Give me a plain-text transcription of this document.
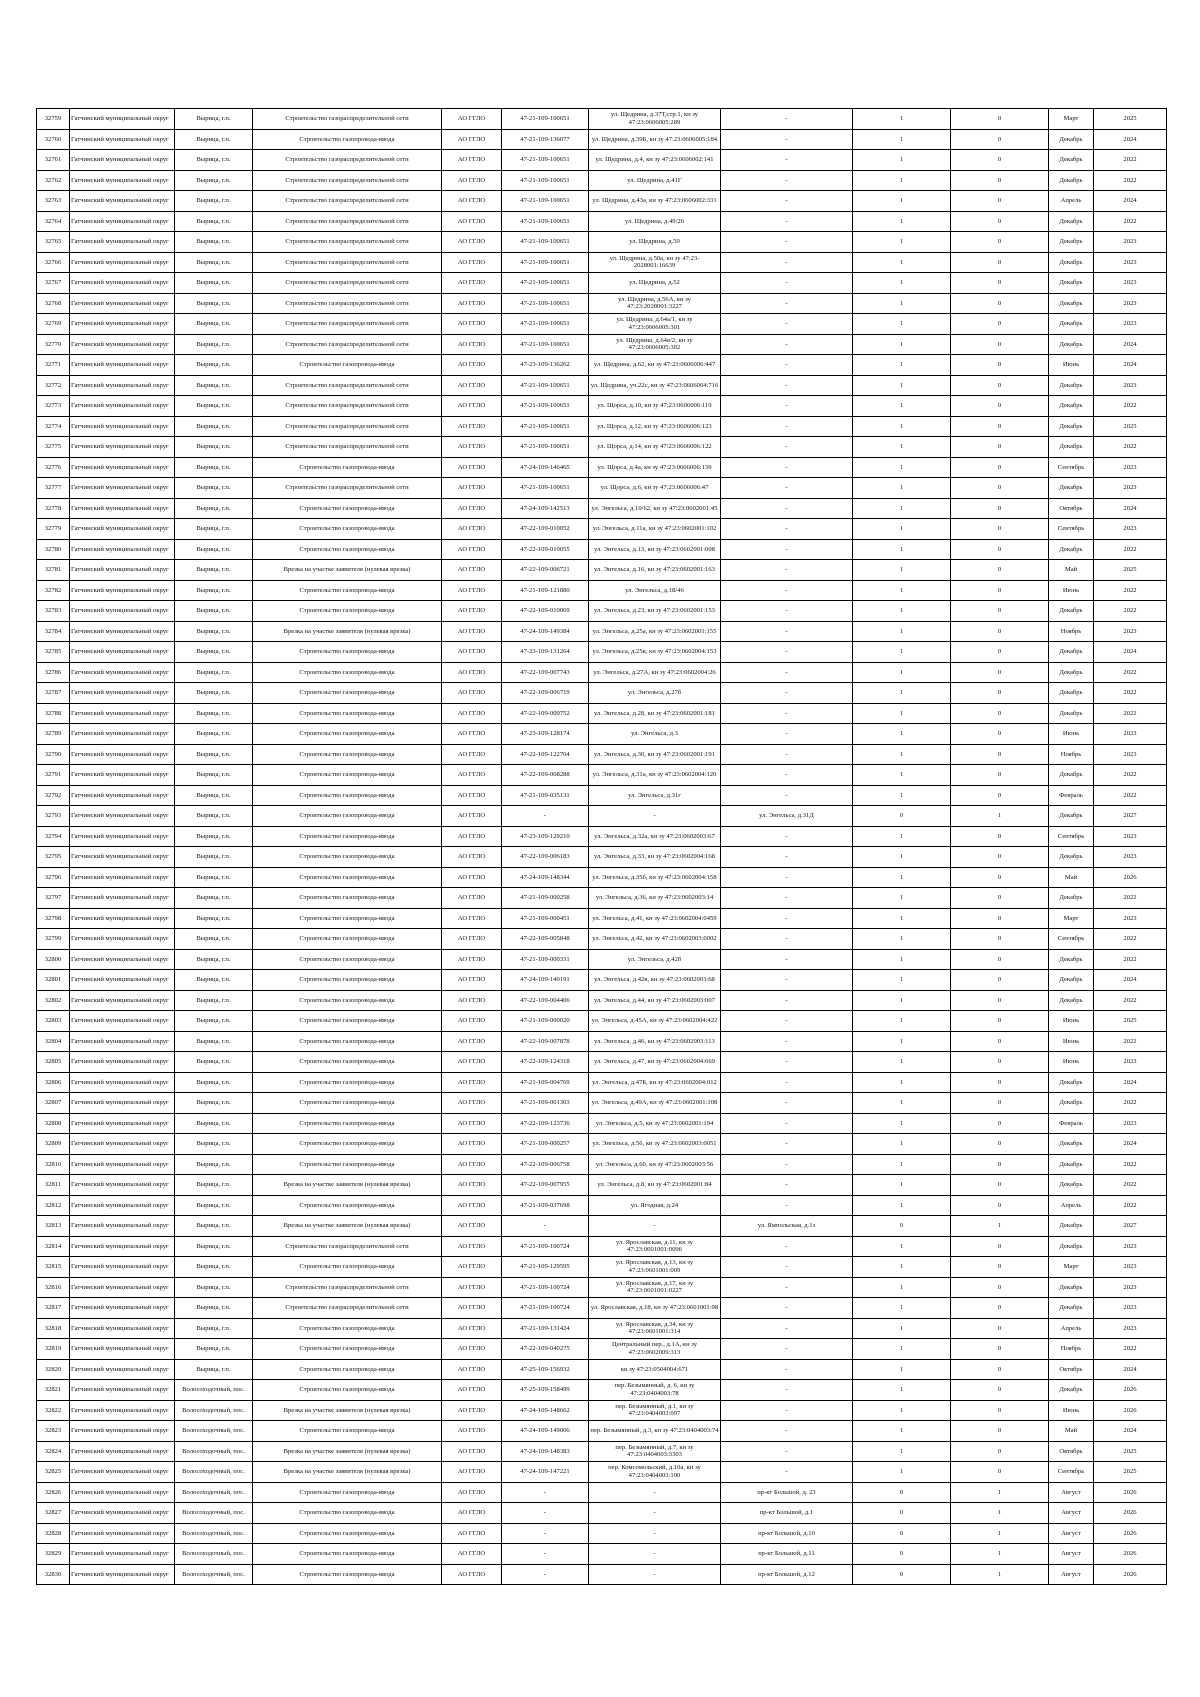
32759	Гатчинский муниципальный округ	Вырица, г.п.	Строительство газораспределительной сети	АО ГГЛО	47-21-109-100651	ул. Щедрина, д.37Т,стр.1, кн зу 47:23:0606005:289	-	1	0	Март	2025
32760	Гатчинский муниципальный округ	Вырица, г.п.	Строительство газопровода-ввода	АО ГГЛО	47-21-109-136077	ул. Щедрина, д.39Б, кн зу 47:23:0606005:184	-	1	0	Декабрь	2024
32761	Гатчинский муниципальный округ	Вырица, г.п.	Строительство газораспределительной сети	АО ГГЛО	47-21-109-100651	ул. Щедрина, д.4, кн зу 47:23:0606002:141	-	1	0	Декабрь	2022
32762	Гатчинский муниципальный округ	Вырица, г.п.	Строительство газораспределительной сети	АО ГГЛО	47-21-109-100651	ул. Щедрина, д.41Г	-	1	0	Декабрь	2022
32763	Гатчинский муниципальный округ	Вырица, г.п.	Строительство газораспределительной сети	АО ГГЛО	47-21-109-100651	ул. Щедрина, д.43а, кн зу 47:23:0606002:331	-	1	0	Апрель	2024
32764	Гатчинский муниципальный округ	Вырица, г.п.	Строительство газораспределительной сети	АО ГГЛО	47-21-109-100651	ул. Щедрина, д.49/26	-	1	0	Декабрь	2022
32765	Гатчинский муниципальный округ	Вырица, г.п.	Строительство газораспределительной сети	АО ГГЛО	47-21-109-100651	ул. Щедрина, д.50	-	1	0	Декабрь	2023
32766	Гатчинский муниципальный округ	Вырица, г.п.	Строительство газораспределительной сети	АО ГГЛО	47-21-109-100651	ул. Щедрина, д.50а, кн зу 47:23-2028001:16639	-	1	0	Декабрь	2023
32767	Гатчинский муниципальный округ	Вырица, г.п.	Строительство газораспределительной сети	АО ГГЛО	47-21-109-100651	ул. Щедрина, д.52	-	1	0	Декабрь	2023
32768	Гатчинский муниципальный округ	Вырица, г.п.	Строительство газораспределительной сети	АО ГГЛО	47-21-109-100651	ул. Щедрина, д.56А, кн зу 47:23:2028001:3227	-	1	0	Декабрь	2023
32769	Гатчинский муниципальный округ	Вырица, г.п.	Строительство газораспределительной сети	АО ГГЛО	47-21-109-100651	ул. Щедрина, д.64а/1, кн зу 47:23:0606005:301	-	1	0	Декабрь	2023
32770	Гатчинский муниципальный округ	Вырица, г.п.	Строительство газораспределительной сети	АО ГГЛО	47-21-109-100651	ул. Щедрина, д.64в/2, кн зу 47:23:0606005:302	-	1	0	Декабрь	2024
32771	Гатчинский муниципальный округ	Вырица, г.п.	Строительство газопровода-ввода	АО ГГЛО	47-23-109-136262	ул. Щедрина, д.62, кн зу 47:23:0606006:447	-	1	0	Июнь	2024
32772	Гатчинский муниципальный округ	Вырица, г.п.	Строительство газораспределительной сети	АО ГГЛО	47-21-109-100651	ул. Щедрина, уч.22с, кн зу 47:23:0606004:716	-	1	0	Декабрь	2023
32773	Гатчинский муниципальный округ	Вырица, г.п.	Строительство газораспределительной сети	АО ГГЛО	47-21-109-100651	ул. Щорса, д.10, кн зу 47:23:0606006:119	-	1	0	Декабрь	2022
32774	Гатчинский муниципальный округ	Вырица, г.п.	Строительство газораспределительной сети	АО ГГЛО	47-21-109-100651	ул. Щорса, д.12, кн зу 47:23:0606006:123	-	1	0	Декабрь	2025
32775	Гатчинский муниципальный округ	Вырица, г.п.	Строительство газораспределительной сети	АО ГГЛО	47-21-109-100651	ул. Щорса, д.14, кн зу 47:23:0606006:122	-	1	0	Декабрь	2022
32776	Гатчинский муниципальный округ	Вырица, г.п.	Строительство газопровода-ввода	АО ГГЛО	47-24-109-146465	ул. Щорса, д.4а, кн зу 47:23:0606006:139	-	1	0	Сентябрь	2023
32777	Гатчинский муниципальный округ	Вырица, г.п.	Строительство газораспределительной сети	АО ГГЛО	47-21-109-100651	ул. Щорса, д.6, кн зу 47:23:0606006:47	-	1	0	Декабрь	2023
32778	Гатчинский муниципальный округ	Вырица, г.п.	Строительство газопровода-ввода	АО ГГЛО	47-24-109-142513	ул. Энгельса, д.10/62, кн зу 47:23:0602001:45	-	1	0	Октябрь	2024
32779	Гатчинский муниципальный округ	Вырица, г.п.	Строительство газопровода-ввода	АО ГГЛО	47-22-109-010052	ул. Энгельса, д.11а, кн зу 47:23:0602001:102	-	1	0	Сентябрь	2023
32780	Гатчинский муниципальный округ	Вырица, г.п.	Строительство газопровода-ввода	АО ГГЛО	47-22-109-010055	ул. Энгельса, д.13, кн зу 47:23:0602001:008	-	1	0	Декабрь	2022
32781	Гатчинский муниципальный округ	Вырица, г.п.	Врезка на участке заявителя (нулевая врезка)	АО ГГЛО	47-22-109-006721	ул. Энгельса, д.16, кн зу 47:23:0602001:163	-	1	0	Май	2025
32782	Гатчинский муниципальный округ	Вырица, г.п.	Строительство газопровода-ввода	АО ГГЛО	47-21-109-121880	ул. Энгельса, д.18/46	-	1	0	Июнь	2022
32783	Гатчинский муниципальный округ	Вырица, г.п.	Строительство газопровода-ввода	АО ГГЛО	47-22-109-010069	ул. Энгельса, д.23, кн зу 47:23:0602001:153	-	1	0	Декабрь	2022
32784	Гатчинский муниципальный округ	Вырица, г.п.	Врезка на участке заявителя (нулевая врезка)	АО ГГЛО	47-24-109-149384	ул. Энгельса, д.25а, кн зу 47:23:0602001:155	-	1	0	Ноябрь	2023
32785	Гатчинский муниципальный округ	Вырица, г.п.	Строительство газопровода-ввода	АО ГГЛО	47-23-109-131264	ул. Энгельса, д.25в, кн зу 47:23:0602004:153	-	1	0	Декабрь	2024
32786	Гатчинский муниципальный округ	Вырица, г.п.	Строительство газопровода-ввода	АО ГГЛО	47-22-109-007743	ул. Энгельса, д.27А, кн зу 47:23:0602004:26	-	1	0	Декабрь	2022
32787	Гатчинский муниципальный округ	Вырица, г.п.	Строительство газопровода-ввода	АО ГГЛО	47-22-109-006719	ул. Энгельса, д.27б	-	1	0	Декабрь	2022
32788	Гатчинский муниципальный округ	Вырица, г.п.	Строительство газопровода-ввода	АО ГГЛО	47-22-109-009752	ул. Энгельса, д.28, кн зу 47:23:0602001:181	-	1	0	Декабрь	2022
32789	Гатчинский муниципальный округ	Вырица, г.п.	Строительство газопровода-ввода	АО ГГЛО	47-23-109-128174	ул. Энгельса, д.3	-	1	0	Июнь	2023
32790	Гатчинский муниципальный округ	Вырица, г.п.	Строительство газопровода-ввода	АО ГГЛО	47-22-109-122704	ул. Энгельса, д.30, кн зу 47:23:0602001:191	-	1	0	Ноябрь	2023
32791	Гатчинский муниципальный округ	Вырица, г.п.	Строительство газопровода-ввода	АО ГГЛО	47-22-109-008288	ул. Энгельса, д.31а, кн зу 47:23:0602004:120	-	1	0	Декабрь	2022
32792	Гатчинский муниципальный округ	Вырица, г.п.	Строительство газопровода-ввода	АО ГГЛО	47-21-109-035131	ул. Энгельса, д.31г	-	1	0	Февраль	2022
32793	Гатчинский муниципальный округ	Вырица, г.п.	Строительство газопровода-ввода	АО ГГЛО	-	-	ул. Энгельса, д.31Д	0	1	Декабрь	2027
32794	Гатчинский муниципальный округ	Вырица, г.п.	Строительство газопровода-ввода	АО ГГЛО	47-23-109-129210	ул. Энгельса, д.32а, кн зу 47:23:0602003:67	-	1	0	Сентябрь	2023
32795	Гатчинский муниципальный округ	Вырица, г.п.	Строительство газопровода-ввода	АО ГГЛО	47-22-109-006183	ул. Энгельса, д.33, кн зу 47:23:0602004:168	-	1	0	Декабрь	2023
32796	Гатчинский муниципальный округ	Вырица, г.п.	Строительство газопровода-ввода	АО ГГЛО	47-24-109-148344	ул. Энгельса, д.35б, кн зу 47:23:0602004:158	-	1	0	Май	2026
32797	Гатчинский муниципальный округ	Вырица, г.п.	Строительство газопровода-ввода	АО ГГЛО	47-21-109-000258	ул. Энгельса, д.36, кн зу 47:23:0602003:14	-	1	0	Декабрь	2022
32798	Гатчинский муниципальный округ	Вырица, г.п.	Строительство газопровода-ввода	АО ГГЛО	47-21-109-000451	ул. Энгельса, д.41, кн зу 47:23:0602004:0459	-	1	0	Март	2023
32799	Гатчинский муниципальный округ	Вырица, г.п.	Строительство газопровода-ввода	АО ГГЛО	47-22-109-005848	ул. Энгельса, д.42, кн зу 47:23:0602003:0002	-	1	0	Сентябрь	2022
32800	Гатчинский муниципальный округ	Вырица, г.п.	Строительство газопровода-ввода	АО ГГЛО	47-21-109-000331	ул. Энгельса, д.42б	-	1	0	Декабрь	2022
32801	Гатчинский муниципальный округ	Вырица, г.п.	Строительство газопровода-ввода	АО ГГЛО	47-24-109-140191	ул. Энгельса, д.42в, кн зу 47:23:0602003:68	-	1	0	Декабрь	2024
32802	Гатчинский муниципальный округ	Вырица, г.п.	Строительство газопровода-ввода	АО ГГЛО	47-22-109-004406	ул. Энгельса, д.44, кн зу 47:23:0602003:007	-	1	0	Декабрь	2022
32803	Гатчинский муниципальный округ	Вырица, г.п.	Строительство газопровода-ввода	АО ГГЛО	47-21-109-000020	ул. Энгельса, д.45А, кн зу 47:23:0602004:422	-	1	0	Июнь	2025
32804	Гатчинский муниципальный округ	Вырица, г.п.	Строительство газопровода-ввода	АО ГГЛО	47-22-109-007878	ул. Энгельса, д.46, кн зу 47:23:0602003:113	-	1	0	Июнь	2022
32805	Гатчинский муниципальный округ	Вырица, г.п.	Строительство газопровода-ввода	АО ГГЛО	47-22-109-124318	ул. Энгельса, д.47, кн зу 47:23:0602004:669	-	1	0	Июнь	2023
32806	Гатчинский муниципальный округ	Вырица, г.п.	Строительство газопровода-ввода	АО ГГЛО	47-21-109-004769	ул. Энгельса, д.47Б, кн зу 47:23:0602004:012	-	1	0	Декабрь	2024
32807	Гатчинский муниципальный округ	Вырица, г.п.	Строительство газопровода-ввода	АО ГГЛО	47-21-109-001303	ул. Энгельса, д.49А, кн зу 47:23:0602001:108	-	1	0	Декабрь	2022
32808	Гатчинский муниципальный округ	Вырица, г.п.	Строительство газопровода-ввода	АО ГГЛО	47-22-109-123736	ул. Энгельса, д.5, кн зу 47:23:0602001:194	-	1	0	Февраль	2023
32809	Гатчинский муниципальный округ	Вырица, г.п.	Строительство газопровода-ввода	АО ГГЛО	47-21-109-000257	ул. Энгельса, д.56, кн зу 47:23:0602003:0051	-	1	0	Декабрь	2024
32810	Гатчинский муниципальный округ	Вырица, г.п.	Строительство газопровода-ввода	АО ГГЛО	47-22-109-006758	ул. Энгельса, д.60, кн зу 47:23:0602003:56	-	1	0	Декабрь	2022
32811	Гатчинский муниципальный округ	Вырица, г.п.	Врезка на участке заявителя (нулевая врезка)	АО ГГЛО	47-22-109-007955	ул. Энгельса, д.8, кн зу 47:23:0602001:84	-	1	0	Декабрь	2022
32812	Гатчинский муниципальный округ	Вырица, г.п.	Строительство газопровода-ввода	АО ГГЛО	47-21-109-037698	ул. Ягодная, д.24	-	1	0	Апрель	2022
32813	Гатчинский муниципальный округ	Вырица, г.п.	Врезка на участке заявителя (нулевая врезка)	АО ГГЛО	-	-	ул. Ямпольская, д.1з	0	1	Декабрь	2027
32814	Гатчинский муниципальный округ	Вырица, г.п.	Строительство газораспределительной сети	АО ГГЛО	47-21-109-100724	ул. Ярославская, д.11, кн зу 47:23:0601001:0096	-	1	0	Декабрь	2023
32815	Гатчинский муниципальный округ	Вырица, г.п.	Строительство газопровода-ввода	АО ГГЛО	47-21-109-129595	ул. Ярославская, д.13, кн зу 47:23:0601001:009	-	1	0	Март	2023
32816	Гатчинский муниципальный округ	Вырица, г.п.	Строительство газораспределительной сети	АО ГГЛО	47-21-109-100724	ул. Ярославская, д.17, кн зу 47:23:0601001:0227	-	1	0	Декабрь	2023
32817	Гатчинский муниципальный округ	Вырица, г.п.	Строительство газораспределительной сети	АО ГГЛО	47-21-109-100724	ул. Ярославская, д.18, кн зу 47:23:0601001:98	-	1	0	Декабрь	2023
32818	Гатчинский муниципальный округ	Вырица, г.п.	Строительство газопровода-ввода	АО ГГЛО	47-21-109-131424	ул. Ярославская, д.34, кн зу 47:23:0601001:314	-	1	0	Апрель	2023
32819	Гатчинский муниципальный округ	Вырица, г.п.	Строительство газопровода-ввода	АО ГГЛО	47-22-109-040275	Центральный пер., д.1А, кн зу 47:23:0602009:313	-	1	0	Ноябрь	2022
32820	Гатчинский муниципальный округ	Вырица, г.п.	Строительство газопровода-ввода	АО ГГЛО	47-25-109-156932	кн зу 47:23:0504004:671	-	1	0	Октябрь	2024
32821	Гатчинский муниципальный округ	Волосоходочный, пос.	Строительство газопровода-ввода	АО ГГЛО	47-25-109-158499	пер. Безымянный, д. 6, кн зу 47:23:0404003:78	-	1	0	Декабрь	2026
32822	Гатчинский муниципальный округ	Волосоходочный, пос.	Врезка на участке заявителя (нулевая врезка)	АО ГГЛО	47-24-109-148662	пер. Безымянный, д.1, кн зу 47:23:0404003:097	-	1	0	Июнь	2026
32823	Гатчинский муниципальный округ	Волосоходочный, пос.	Строительство газопровода-ввода	АО ГГЛО	47-24-109-149006	пер. Безымянный, д.3, кн зу 47:23:0404003:74	-	1	0	Май	2024
32824	Гатчинский муниципальный округ	Волосоходочный, пос.	Врезка на участке заявителя (нулевая врезка)	АО ГГЛО	47-24-109-148383	пер. Безымянный, д.7, кн зу 47:23:0404003:3303	-	1	0	Октябрь	2025
32825	Гатчинский муниципальный округ	Волосоходочный, пос.	Врезка на участке заявителя (нулевая врезка)	АО ГГЛО	47-24-109-147221	пер. Комсомольский, д.10а, кн зу 47:23:0404003:100	-	1	0	Сентябрь	2025
32826	Гатчинский муниципальный округ	Волосоходочный, пос.	Строительство газопровода-ввода	АО ГГЛО	-	-	пр-кт Большой, д. 23	0	1	Август	2026
32827	Гатчинский муниципальный округ	Волосоходочный, пос.	Строительство газопровода-ввода	АО ГГЛО	-	-	пр-кт Большой, д.1	0	1	Август	2026
32828	Гатчинский муниципальный округ	Волосоходочный, пос.	Строительство газопровода-ввода	АО ГГЛО	-	-	пр-кт Большой, д.10	0	1	Август	2026
32829	Гатчинский муниципальный округ	Волосоходочный, пос.	Строительство газопровода-ввода	АО ГГЛО	-	-	пр-кт Большой, д.11	0	1	Август	2026
32830	Гатчинский муниципальный округ	Волосоходочный, пос.	Строительство газопровода-ввода	АО ГГЛО	-	-	пр-кт Большой, д.12	0	1	Август	2026
